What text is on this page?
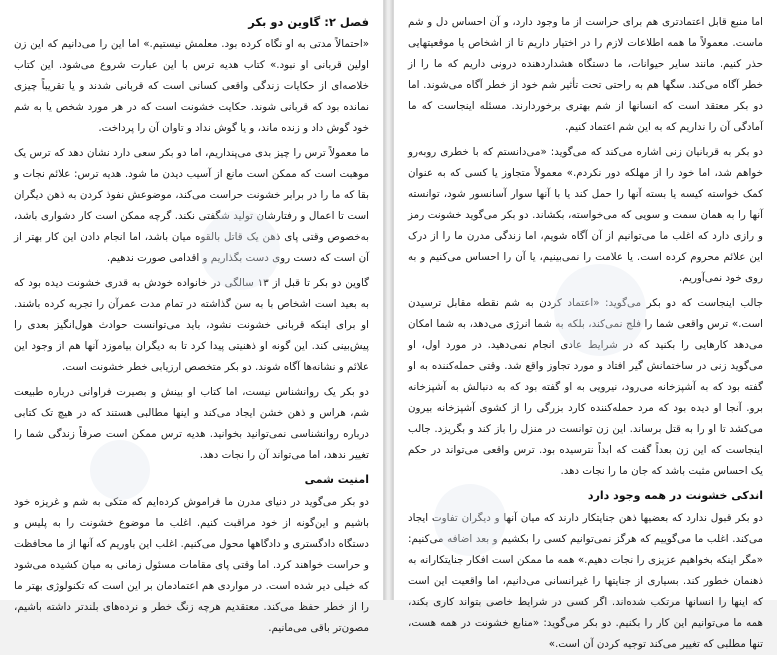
فصل ۲: گاوین دو بکر

«احتمالاً مدتی به او نگاه کرده بود. معلمش نیستیم.» اما این را می‌دانیم که این زن اولین قربانی او نبود.» کتاب هدیه ترس با این عبارت شروع می‌شود. این کتاب خلاصه‌ای از حکایات زندگی واقعی کسانی است که قربانی شدند و یا تقریباً چیزی نمانده بود که قربانی شوند. حکایت خشونت است که در هر مورد شخص یا به شم خود گوش داد و زنده ماند، و یا گوش نداد و تاوان آن را پرداخت.

ما معمولاً ترس را چیز بدی می‌پنداریم، اما دو بکر سعی دارد نشان دهد که ترس یک موهبت است که ممکن است مانع از آسیب دیدن ما شود. هدیه ترس: علائم نجات و بقا که ما را در برابر خشونت حراست می‌کند، موضوعش نفوذ کردن به ذهن دیگران است تا اعمال و رفتارشان تولید شگفتی نکند. گرچه ممکن است کار دشواری باشد، به‌خصوص وقتی پای ذهن یک قاتل بالقوه میان باشد، اما انجام دادن این کار بهتر از آن است که دست روی دست بگذاریم و اقدامی صورت ندهیم.

گاوین دو بکر تا قبل از ۱۳ سالگی در خانواده خودش به قدری خشونت دیده بود که به بعید است اشخاص با به سن گذاشته در تمام مدت عمرآن را تجربه کرده باشند. او برای اینکه قربانی خشونت نشود، باید می‌توانست حوادث هول‌انگیز بعدی را پیش‌بینی کند. این گونه او ذهنیتی پیدا کرد تا به دیگران بیاموزد آنها هم از وجود این علائم و نشانه‌ها آگاه شوند. دو بکر متخصص ارزیابی خطر خشونت است.

دو بکر یک روانشناس نیست، اما کتاب او بینش و بصیرت فراوانی درباره طبیعت شم، هراس و ذهن خشن ایجاد می‌کند و اینها مطالبی هستند که در هیچ تک کتابی درباره روانشناسی نمی‌توانید بخوانید. هدیه ترس ممکن است صرفاً زندگی شما را تغییر ندهد، اما می‌تواند آن را نجات دهد.

امنیت شمی

دو بکر می‌گوید در دنیای مدرن ما فراموش کرده‌ایم که متکی به شم و غریزه خود باشیم و این‌گونه از خود مراقبت کنیم. اغلب ما موضوع خشونت را به پلیس و دستگاه دادگستری و دادگاهها محول می‌کنیم. اغلب این باوریم که آنها از ما محافظت و حراست خواهند کرد. اما وقتی پای مقامات مسئول زمانی به میان کشیده می‌شود که خیلی دیر شده است. در مواردی هم اعتمادمان بر این است که تکنولوژی بهتر ما را از خطر حفظ می‌کند. معتقدیم هرچه زنگ خطر و نرده‌های بلندتر داشته باشیم، مصون‌تر باقی می‌مانیم.

اما منبع قابل اعتمادتری هم برای حراست از ما وجود دارد، و آن احساس دل و شم ماست. معمولاً ما همه اطلاعات لازم را در اختیار داریم تا از اشخاص یا موقعیتهایی حذر کنیم. مانند سایر حیوانات، ما دستگاه هشداردهنده درونی داریم که ما را از خطر آگاه می‌کند. سگها هم به راحتی تحت تأثیر شم خود از خطر آگاه می‌شوند. اما دو بکر معتقد است که انسانها از شم بهتری برخوردارند. مسئله اینجاست که ما آمادگی آن را نداریم که به این شم اعتماد کنیم.

دو بکر به قربانیان زنی اشاره می‌کند که می‌گوید: «می‌دانستم که با خطری روبه‌رو خواهم شد، اما خود را از مهلکه دور نکردم.» معمولاً متجاوز یا کسی که به عنوان کمک خواسته کیسه یا بسته آنها را حمل کند یا با آنها سوار آسانسور شود، توانسته آنها را به همان سمت و سویی که می‌خواسته، بکشاند. دو بکر می‌گوید خشونت رمز و رازی دارد که اغلب ما می‌توانیم از آن آگاه شویم، اما زندگی مدرن ما را از درک این علائم محروم کرده است. یا علامت را نمی‌بینیم، یا آن را احساس می‌کنیم و به روی خود نمی‌آوریم.

جالب اینجاست که دو بکر می‌گوید: «اعتماد کردن به شم نقطه مقابل ترسیدن است.» ترس واقعی شما را فلج نمی‌کند، بلکه به شما انرژی می‌دهد، به شما امکان می‌دهد کارهایی را بکنید که در شرایط عادی انجام نمی‌دهید. در مورد اول، او می‌گوید زنی در ساختمانش گیر افتاد و مورد تجاوز واقع شد. وقتی حمله‌کننده به او گفته بود که به آشپزخانه می‌رود، نیرویی به او گفته بود که به دنبالش به آشپزخانه برو. آنجا او دیده بود که مرد حمله‌کننده کارد بزرگی را از کشوی آشپزخانه بیرون می‌کشد تا او را به قتل برساند. این زن توانست در منزل را باز کند و بگریزد. جالب اینجاست که این زن بعداً گفت که ابداً نترسیده بود. ترس واقعی می‌تواند در حکم یک احساس مثبت باشد که جان ما را نجات دهد.

اندکی خشونت در همه وجود دارد

دو بکر قبول ندارد که بعضیها ذهن جنایتکار دارند که میان آنها و دیگران تفاوت ایجاد می‌کند. اغلب ما می‌گوییم که هرگز نمی‌توانیم کسی را بکشیم و بعد اضافه می‌کنیم: «مگر اینکه بخواهیم عزیزی را نجات دهیم.» همه ما ممکن است افکار جنایتکارانه به ذهنمان خطور کند. بسیاری از جنایتها را غیرانسانی می‌دانیم، اما واقعیت این است که اینها را انسانها مرتکب شده‌اند. اگر کسی در شرایط خاصی بتواند کاری بکند، همه ما می‌توانیم این کار را بکنیم. دو بکر می‌گوید: «منابع خشونت در همه هست، تنها مطلبی که تغییر می‌کند توجیه کردن آن است.»
